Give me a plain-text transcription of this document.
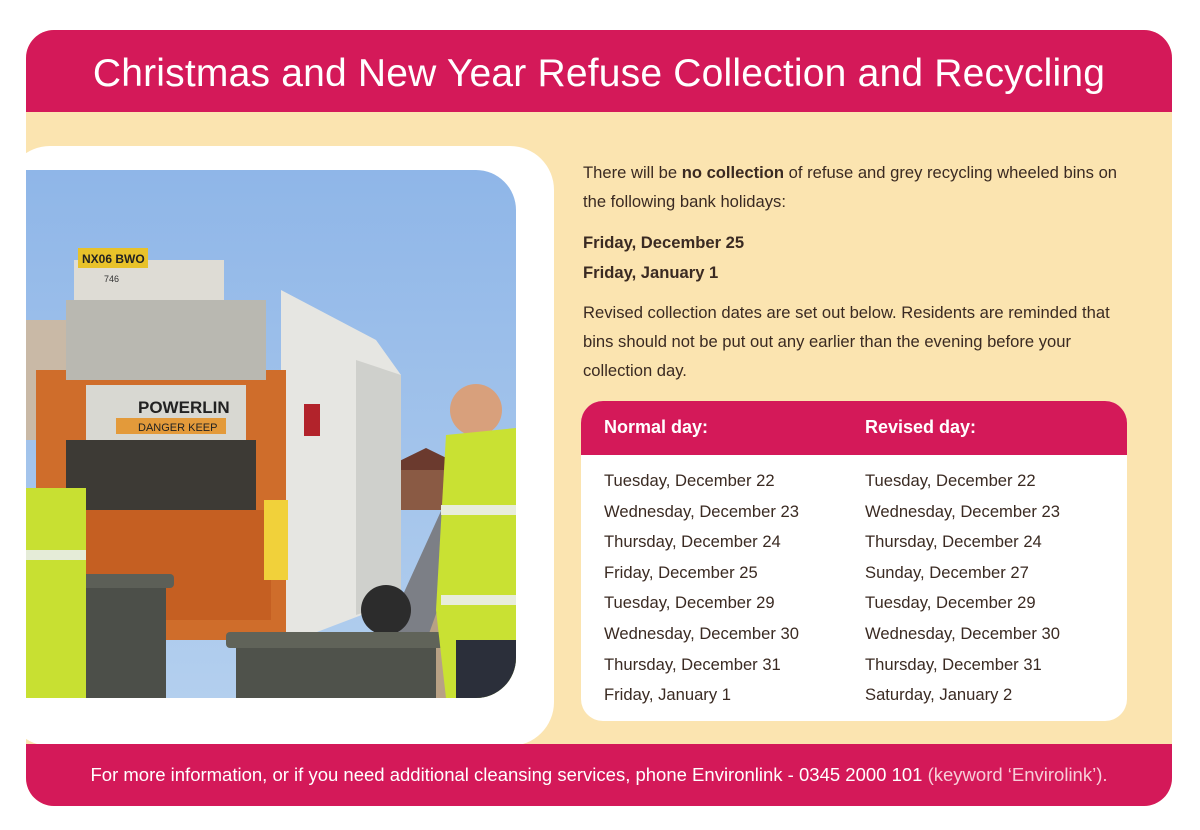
Christmas and New Year Refuse Collection and Recycling
NX06 BWO
746
POWERLIN
DANGER KEEP

There will be no collection of refuse and grey recycling wheeled bins on the following bank holidays:

Friday, December 25
Friday, January 1

Revised collection dates are set out below. Residents are reminded that bins should not be put out any earlier than the evening before your collection day.

Normal day:	Revised day:
Tuesday, December 22	Tuesday, December 22
Wednesday, December 23	Wednesday, December 23
Thursday, December 24	Thursday, December 24
Friday, December 25	Sunday, December 27
Tuesday, December 29	Tuesday, December 29
Wednesday, December 30	Wednesday, December 30
Thursday, December 31	Thursday, December 31
Friday, January 1	Saturday, January 2
For more information, or if you need additional cleansing services, phone Environlink - 0345 2000 101 (keyword ‘Envirolink’).
